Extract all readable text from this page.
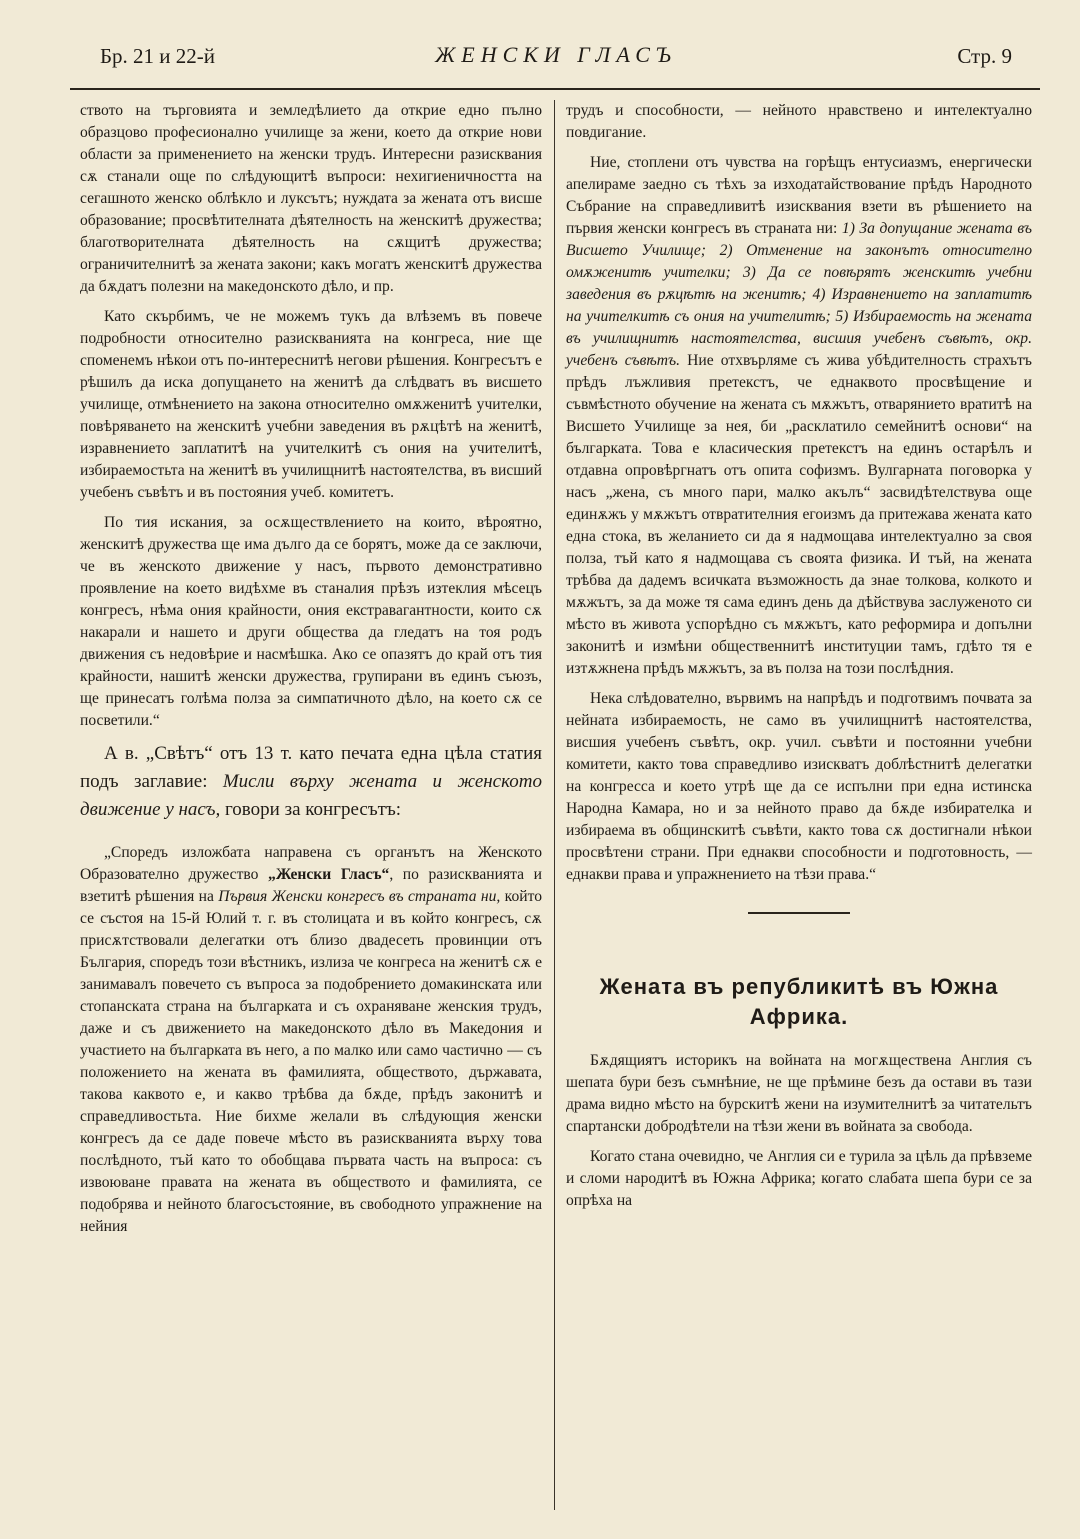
Бр. 21 и 22-й	ЖЕНСКИ ГЛАСЪ	Стр. 9

ството на търговията и земледѣлието да открие едно пълно образцово професионално училище за жени, което да открие нови области за применението на женски трудъ. Интересни разисквания сѫ станали още по слѣдующитѣ въпроси: нехигиеничността на сегашното женско облѣкло и луксътъ; нуждата за жената отъ висше образование; просвѣтителната дѣятелность на женскитѣ дружества; благотворителната дѣятелность на сѫщитѣ дружества; ограничителнитѣ за жената закони; какъ могатъ женскитѣ дружества да бѫдатъ полезни на македонското дѣло, и пр.

Като скърбимъ, че не можемъ тукъ да влѣземъ въ повече подробности относително разискванията на конгреса, ние ще споменемъ нѣкои отъ по-интереснитѣ негови рѣшения. Конгресътъ е рѣшилъ да иска допущането на женитѣ да слѣдватъ въ висшето училище, отмѣнението на закона относително омѫженитѣ учителки, повѣряването на женскитѣ учебни заведения въ рѫцѣтѣ на женитѣ, изравнението заплатитѣ на учителкитѣ съ ония на учителитѣ, избираемостьта на женитѣ въ училищнитѣ настоятелства, въ висший учебенъ съвѣтъ и въ постояния учеб. комитетъ.

По тия искания, за осѫществлението на които, вѣроятно, женскитѣ дружества ще има дълго да се борятъ, може да се заключи, че въ женското движение у насъ, първото демонстративно проявление на което видѣхме въ станалия прѣзъ изтеклия мѣсецъ конгресъ, нѣма ония крайности, ония екстравагантности, които сѫ накарали и нашето и други общества да гледатъ на тоя родъ движения съ недовѣрие и насмѣшка. Ако се опазятъ до край отъ тия крайности, нашитѣ женски дружества, групирани въ единъ съюзъ, ще принесатъ голѣма полза за симпатичното дѣло, на което сѫ се посветили.“

А в. „Свѣтъ“ отъ 13 т. като печата една цѣла статия подъ заглавие: Мисли върху жената и женското движение у насъ, говори за конгресътъ:

„Споредъ изложбата направена съ органътъ на Женското Образователно дружество „Женски Гласъ“, по разискванията и взетитѣ рѣшения на Първия Женски конгресъ въ страната ни, който се състоя на 15-й Юлий т. г. въ столицата и въ който конгресъ, сѫ присѫтствовали делегатки отъ близо двадесеть провинции отъ България, споредъ този вѣстникъ, излиза че конгреса на женитѣ сѫ е занимавалъ повечето съ въпроса за подобрението домакинската или стопанската страна на българката и съ охраняване женския трудъ, даже и съ движението на македонското дѣло въ Македония и участието на българката въ него, а по малко или само частично — съ положението на жената въ фамилията, обществото, държавата, такова каквото е, и какво трѣбва да бѫде, прѣдъ законитѣ и справедливостьта. Ние бихме желали въ слѣдующия женски конгресъ да се даде повече мѣсто въ разискванията върху това послѣдното, тъй като то обобщава първата часть на въпроса: съ извоюване правата на жената въ обществото и фамилията, се подобрява и нейното благосъстояние, въ свободното упражнение на нейния

трудъ и способности, — нейното нравствено и интелектуално повдигание.

Ние, стоплени отъ чувства на горѣщъ ентусиазмъ, енергически апелираме заедно съ тѣхъ за изходатайствование прѣдъ Народното Събрание на справедливитѣ изисквания взети въ рѣшението на първия женски конгресъ въ страната ни: 1) За допущание жената въ Висшето Училище; 2) Отменение на законътъ относително омѫженитѣ учителки; 3) Да се повѣрятъ женскитѣ учебни заведения въ рѫцѣтѣ на женитѣ; 4) Изравнението на заплатитѣ на учителкитѣ съ ония на учителитѣ; 5) Избираемость на жената въ училищнитѣ настоятелства, висшия учебенъ съвѣтъ, окр. учебенъ съвѣтъ. Ние отхвърляме съ жива убѣдителность страхътъ прѣдъ лъжливия претекстъ, че еднаквото просвѣщение и съвмѣстното обучение на жената съ мѫжътъ, отварянието вратитѣ на Висшето Училище за нея, би „расклатило семейнитѣ основи“ на българката. Това е класическия претекстъ на единъ остарѣлъ и отдавна опровѣргнатъ отъ опита софизмъ. Вулгарната поговорка у насъ „жена, съ много пари, малко акълъ“ засвидѣтелствува още единѫжъ у мѫжътъ отвратителния егоизмъ да притежава жената като една стока, въ желанието си да я надмощава интелектуално за своя полза, тъй като я надмощава съ своята физика. И тъй, на жената трѣбва да дадемъ всичката възможность да знае толкова, колкото и мѫжътъ, за да може тя сама единъ день да дѣйствува заслуженото си мѣсто въ живота успорѣдно съ мѫжътъ, като реформира и допълни законитѣ и измѣни общественнитѣ институции тамъ, гдѣто тя е изтѫжнена прѣдъ мѫжътъ, за въ полза на този послѣдния.

Нека слѣдователно, вървимъ на напрѣдъ и подготвимъ почвата за нейната избираемость, не само въ училищнитѣ настоятелства, висшия учебенъ съвѣтъ, окр. учил. съвѣти и постоянни учебни комитети, както това справедливо изискватъ доблѣстнитѣ делегатки на конгресса и което утрѣ ще да се испълни при една истинска Народна Камара, но и за нейното право да бѫде избирателка и избираема въ общинскитѣ съвѣти, както това сѫ достигнали нѣкои просвѣтени страни. При еднакви способности и подготовность, — еднакви права и упражнението на тѣзи права.“

Жената въ републикитѣ въ Южна Африка.

Бѫдящиятъ историкъ на войната на могѫществена Англия съ шепата бури безъ съмнѣние, не ще прѣмине безъ да остави въ тази драма видно мѣсто на бурскитѣ жени на изумителнитѣ за читательтъ спартански добродѣтели на тѣзи жени въ войната за свобода.

Когато стана очевидно, че Англия си е турила за цѣль да прѣвземе и сломи народитѣ въ Южна Африка; когато слабата шепа бури се за опрѣха на
